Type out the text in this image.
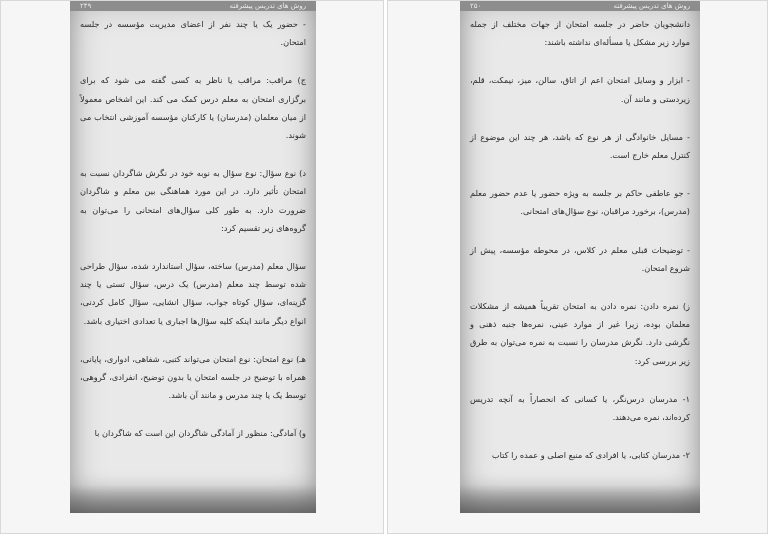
روش های تدریس پیشرفته
۲۴۹

- حضور یک یا چند نفر از اعضای مدیریت مؤسسه در جلسه امتحان.

ج) مراقب: مراقب یا ناظر به کسی گفته می شود که برای برگزاری امتحان به معلم درس کمک می کند. این اشخاص معمولاً از میان معلمان (مدرسان) یا کارکنان مؤسسه آموزشی انتخاب می شوند.

د) نوع سؤال: نوع سؤال به نوبه خود در نگرش شاگردان نسبت به امتحان تأثیر دارد. در این مورد هماهنگی بین معلم و شاگردان ضرورت دارد. به طور کلی سؤال‌های امتحانی را می‌توان به گروه‌های زیر تقسیم کرد:

سؤال معلم (مدرس) ساخته، سؤال استاندارد شده، سؤال طراحی شده توسط چند معلم (مدرس) یک درس، سؤال تستی یا چند گزینه‌ای، سؤال کوتاه جواب، سؤال انشایی، سؤال کامل کردنی، انواع دیگر مانند اینکه کلیه سؤال‌ها اجباری یا تعدادی اختیاری باشد.

هـ) نوع امتحان: نوع امتحان می‌تواند کتبی، شفاهی، ادواری، پایانی، همراه با توضیح در جلسه امتحان یا بدون توضیح، انفرادی، گروهی، توسط یک یا چند مدرس و مانند آن باشد.

و) آمادگی: منظور از آمادگی شاگردان این است که شاگردان با

روش های تدریس پیشرفته
۲۵۰

دانشجویان حاضر در جلسه امتحان از جهات مختلف از جمله موارد زیر مشکل یا مسأله‌ای نداشته باشند:

- ابزار و وسایل امتحان اعم از اتاق، سالن، میز، نیمکت، قلم، زیردستی و مانند آن.

- مسایل خانوادگی از هر نوع که باشد، هر چند این موضوع از کنترل معلم خارج است.

- جو عاطفی حاکم بر جلسه به ویژه حضور یا عدم حضور معلم (مدرس)، برخورد مراقبان، نوع سؤال‌های امتحانی.

- توضیحات قبلی معلم در کلاس، در محوطه مؤسسه، پیش از شروع امتحان.

ز) نمره دادن: نمره دادن به امتحان تقریباً همیشه از مشکلات معلمان بوده، زیرا غیر از موارد عینی، نمره‌ها جنبه ذهنی و نگرشی دارد. نگرش مدرسان را نسبت به نمره می‌توان به طرق زیر بررسی کرد:

۱- مدرسان درس‌نگر، یا کسانی که انحصاراً به آنچه تدریس کرده‌اند، نمره می‌دهند.

۲- مدرسان کتابی، یا افرادی که منبع اصلی و عمده را کتاب
